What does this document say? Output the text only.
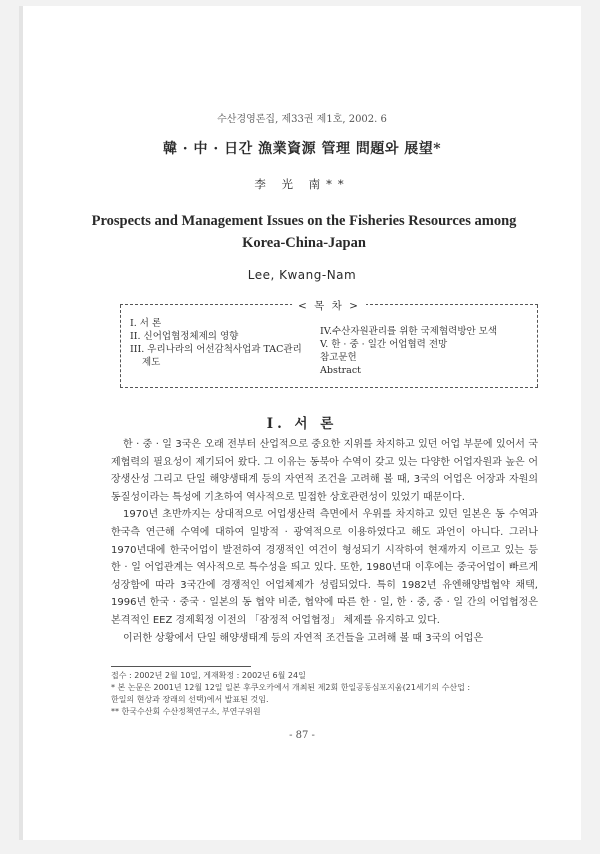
수산경영론집, 제33권 제1호, 2002. 6
韓 · 中 · 日간 漁業資源 管理 問題와 展望*
李 光 南**
Prospects and Management Issues on the Fisheries Resources among
Korea-China-Japan
Lee, Kwang-Nam
< 목 차 >
I. 서 론
II. 신어업협정체제의 영향
III. 우리나라의 어선감척사업과 TAC관리
제도
IV.수산자원관리를 위한 국제협력방안 모색
V. 한 · 중 · 일간 어업협력 전망
참고문헌
Abstract
I. 서 론

한 · 중 · 일 3국은 오래 전부터 산업적으로 중요한 지위를 차지하고 있던 어업 부문에 있어서 국제협력의 필요성이 제기되어 왔다. 그 이유는 동북아 수역이 갖고 있는 다양한 어업자원과 높은 어장생산성 그리고 단일 해양생태계 등의 자연적 조건을 고려해 볼 때, 3국의 어업은 어장과 자원의 동질성이라는 특성에 기초하여 역사적으로 밀접한 상호관련성이 있었기 때문이다.

1970년 초반까지는 상대적으로 어업생산력 측면에서 우위를 차지하고 있던 일본은 동 수역과 한국측 연근해 수역에 대하여 일방적 · 광역적으로 이용하였다고 해도 과언이 아니다. 그러나 1970년대에 한국어업이 발전하여 경쟁적인 여건이 형성되기 시작하여 현재까지 이르고 있는 등 한 · 일 어업관계는 역사적으로 특수성을 띄고 있다. 또한, 1980년대 이후에는 중국어업이 빠르게 성장함에 따라 3국간에 경쟁적인 어업체제가 성립되었다. 특히 1982년 유엔해양법협약 채택, 1996년 한국 · 중국 · 일본의 동 협약 비준, 협약에 따른 한 · 일, 한 · 중, 중 · 일 간의 어업협정은 본격적인 EEZ 경제획정 이전의 「잠정적 어업협정」 체제를 유지하고 있다.

이러한 상황에서 단일 해양생태계 등의 자연적 조건들을 고려해 볼 때 3국의 어업은

접수 : 2002년 2월 10일, 게재확정 : 2002년 6월 24일
* 본 논문은 2001년 12월 12일 일본 후쿠오카에서 개최된 제2회 한일공동심포지움(21세기의 수산업 :
한일의 현상과 장래의 선택)에서 발표된 것임.
** 한국수산회 수산정책연구소, 부연구위원
- 87 -
